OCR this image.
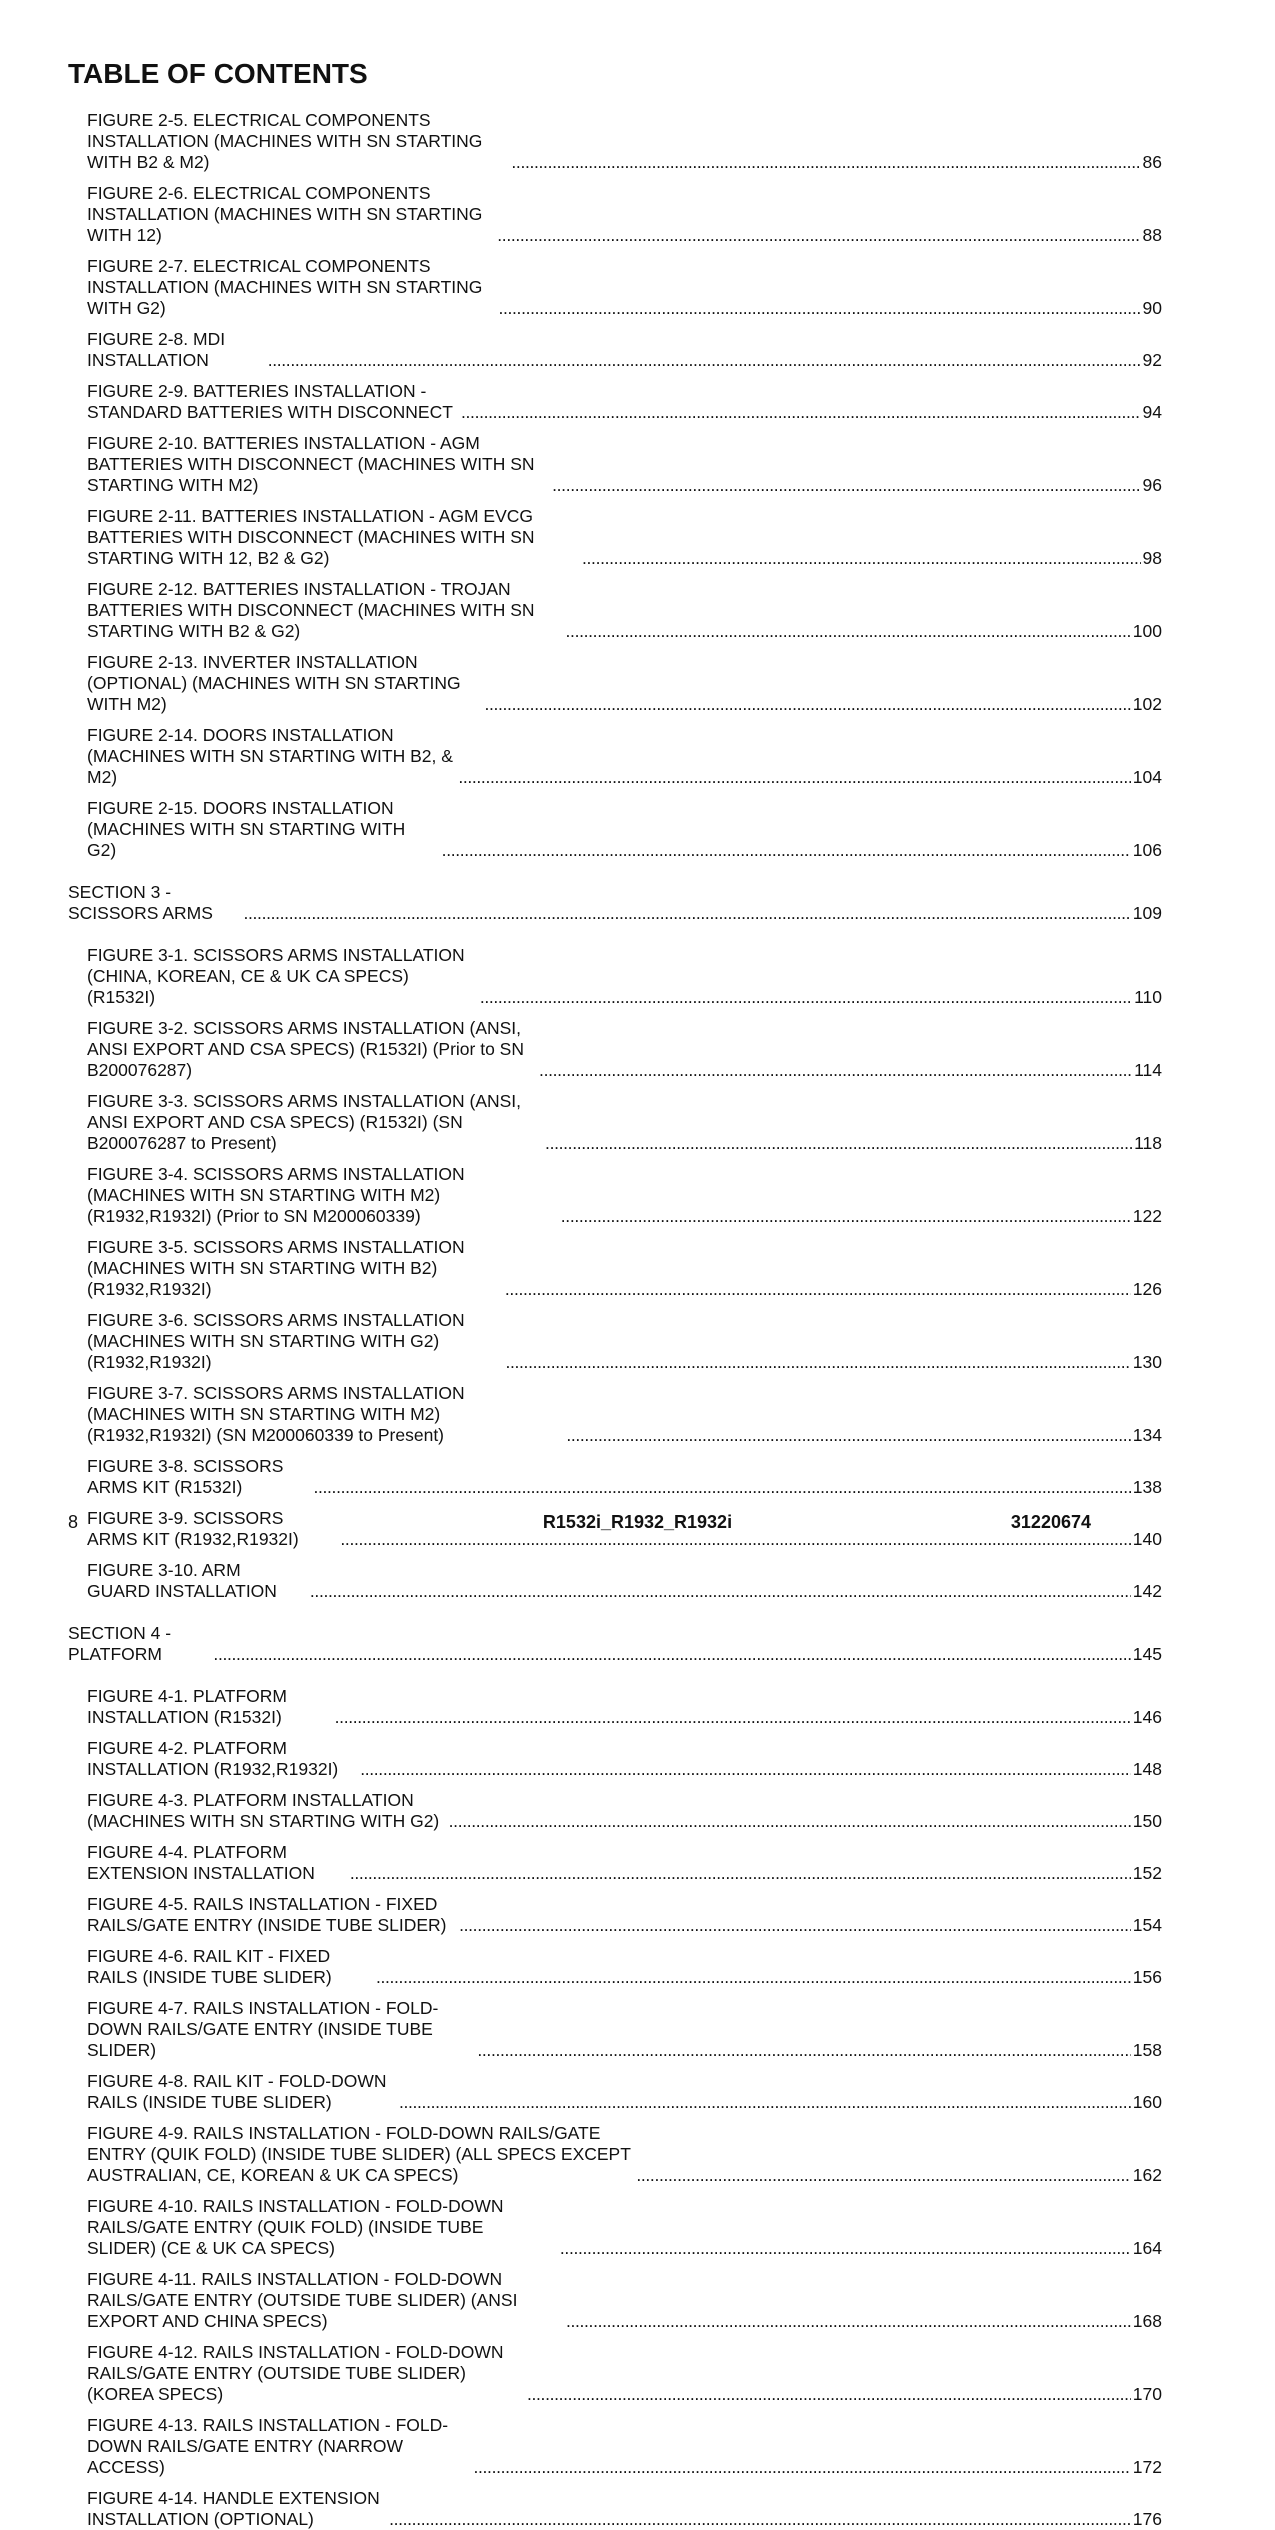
TABLE OF CONTENTS
FIGURE 2-5. ELECTRICAL COMPONENTS INSTALLATION (MACHINES WITH SN STARTING WITH B2 & M2) . . .	86
FIGURE 2-6. ELECTRICAL COMPONENTS INSTALLATION (MACHINES WITH SN STARTING WITH 12) . . .	88
FIGURE 2-7. ELECTRICAL COMPONENTS INSTALLATION (MACHINES WITH SN STARTING WITH G2) . . .	90
FIGURE 2-8. MDI INSTALLATION . . .	92
FIGURE 2-9. BATTERIES INSTALLATION - STANDARD BATTERIES WITH DISCONNECT . . .	94
FIGURE 2-10. BATTERIES INSTALLATION - AGM BATTERIES WITH DISCONNECT (MACHINES WITH SN STARTING WITH M2) . . .	96
FIGURE 2-11. BATTERIES INSTALLATION - AGM EVCG BATTERIES WITH DISCONNECT (MACHINES WITH SN STARTING WITH 12, B2 & G2) . . .	98
FIGURE 2-12. BATTERIES INSTALLATION - TROJAN BATTERIES WITH DISCONNECT (MACHINES WITH SN STARTING WITH B2 & G2) . . .	100
FIGURE 2-13. INVERTER INSTALLATION (OPTIONAL) (MACHINES WITH SN STARTING WITH M2) . . .	102
FIGURE 2-14. DOORS INSTALLATION (MACHINES WITH SN STARTING WITH B2, & M2) . . .	104
FIGURE 2-15. DOORS INSTALLATION (MACHINES WITH SN STARTING WITH G2) . . .	106
SECTION 3 - SCISSORS ARMS . . .	109
FIGURE 3-1. SCISSORS ARMS INSTALLATION (CHINA, KOREAN, CE & UK CA SPECS) (R1532I) . . .	110
FIGURE 3-2. SCISSORS ARMS INSTALLATION (ANSI, ANSI EXPORT AND CSA SPECS) (R1532I) (Prior to SN B200076287) . . .	114
FIGURE 3-3. SCISSORS ARMS INSTALLATION (ANSI, ANSI EXPORT AND CSA SPECS) (R1532I) (SN B200076287 to Present) . . .	118
FIGURE 3-4. SCISSORS ARMS INSTALLATION (MACHINES WITH SN STARTING WITH M2) (R1932,R1932I) (Prior to SN M200060339) . . .	122
FIGURE 3-5. SCISSORS ARMS INSTALLATION (MACHINES WITH SN STARTING WITH B2) (R1932,R1932I) . . .	126
FIGURE 3-6. SCISSORS ARMS INSTALLATION (MACHINES WITH SN STARTING WITH G2) (R1932,R1932I) . . .	130
FIGURE 3-7. SCISSORS ARMS INSTALLATION (MACHINES WITH SN STARTING WITH M2) (R1932,R1932I) (SN M200060339 to Present) . . .	134
FIGURE 3-8. SCISSORS ARMS KIT (R1532I) . . .	138
FIGURE 3-9. SCISSORS ARMS KIT (R1932,R1932I) . . .	140
FIGURE 3-10. ARM GUARD INSTALLATION . . .	142
SECTION 4 - PLATFORM . . .	145
FIGURE 4-1. PLATFORM INSTALLATION (R1532I) . . .	146
FIGURE 4-2. PLATFORM INSTALLATION (R1932,R1932I) . . .	148
FIGURE 4-3. PLATFORM INSTALLATION (MACHINES WITH SN STARTING WITH G2) . . .	150
FIGURE 4-4. PLATFORM EXTENSION INSTALLATION . . .	152
FIGURE 4-5. RAILS INSTALLATION - FIXED RAILS/GATE ENTRY (INSIDE TUBE SLIDER) . . .	154
FIGURE 4-6. RAIL KIT - FIXED RAILS (INSIDE TUBE SLIDER) . . .	156
FIGURE 4-7. RAILS INSTALLATION - FOLD-DOWN RAILS/GATE ENTRY (INSIDE TUBE SLIDER) . . .	158
FIGURE 4-8. RAIL KIT - FOLD-DOWN RAILS (INSIDE TUBE SLIDER) . . .	160
FIGURE 4-9. RAILS INSTALLATION - FOLD-DOWN RAILS/GATE ENTRY (QUIK FOLD) (INSIDE TUBE SLIDER) (ALL SPECS EXCEPT AUSTRALIAN, CE, KOREAN & UK CA SPECS) . . .	162
FIGURE 4-10. RAILS INSTALLATION - FOLD-DOWN RAILS/GATE ENTRY (QUIK FOLD) (INSIDE TUBE SLIDER) (CE & UK CA SPECS) . . .	164
FIGURE 4-11. RAILS INSTALLATION - FOLD-DOWN RAILS/GATE ENTRY (OUTSIDE TUBE SLIDER) (ANSI EXPORT AND CHINA SPECS) . . .	168
FIGURE 4-12. RAILS INSTALLATION - FOLD-DOWN RAILS/GATE ENTRY (OUTSIDE TUBE SLIDER) (KOREA SPECS) . . .	170
FIGURE 4-13. RAILS INSTALLATION - FOLD-DOWN RAILS/GATE ENTRY (NARROW ACCESS) . . .	172
FIGURE 4-14. HANDLE EXTENSION INSTALLATION (OPTIONAL) . . .	176
8	R1532i_R1932_R1932i	31220674
